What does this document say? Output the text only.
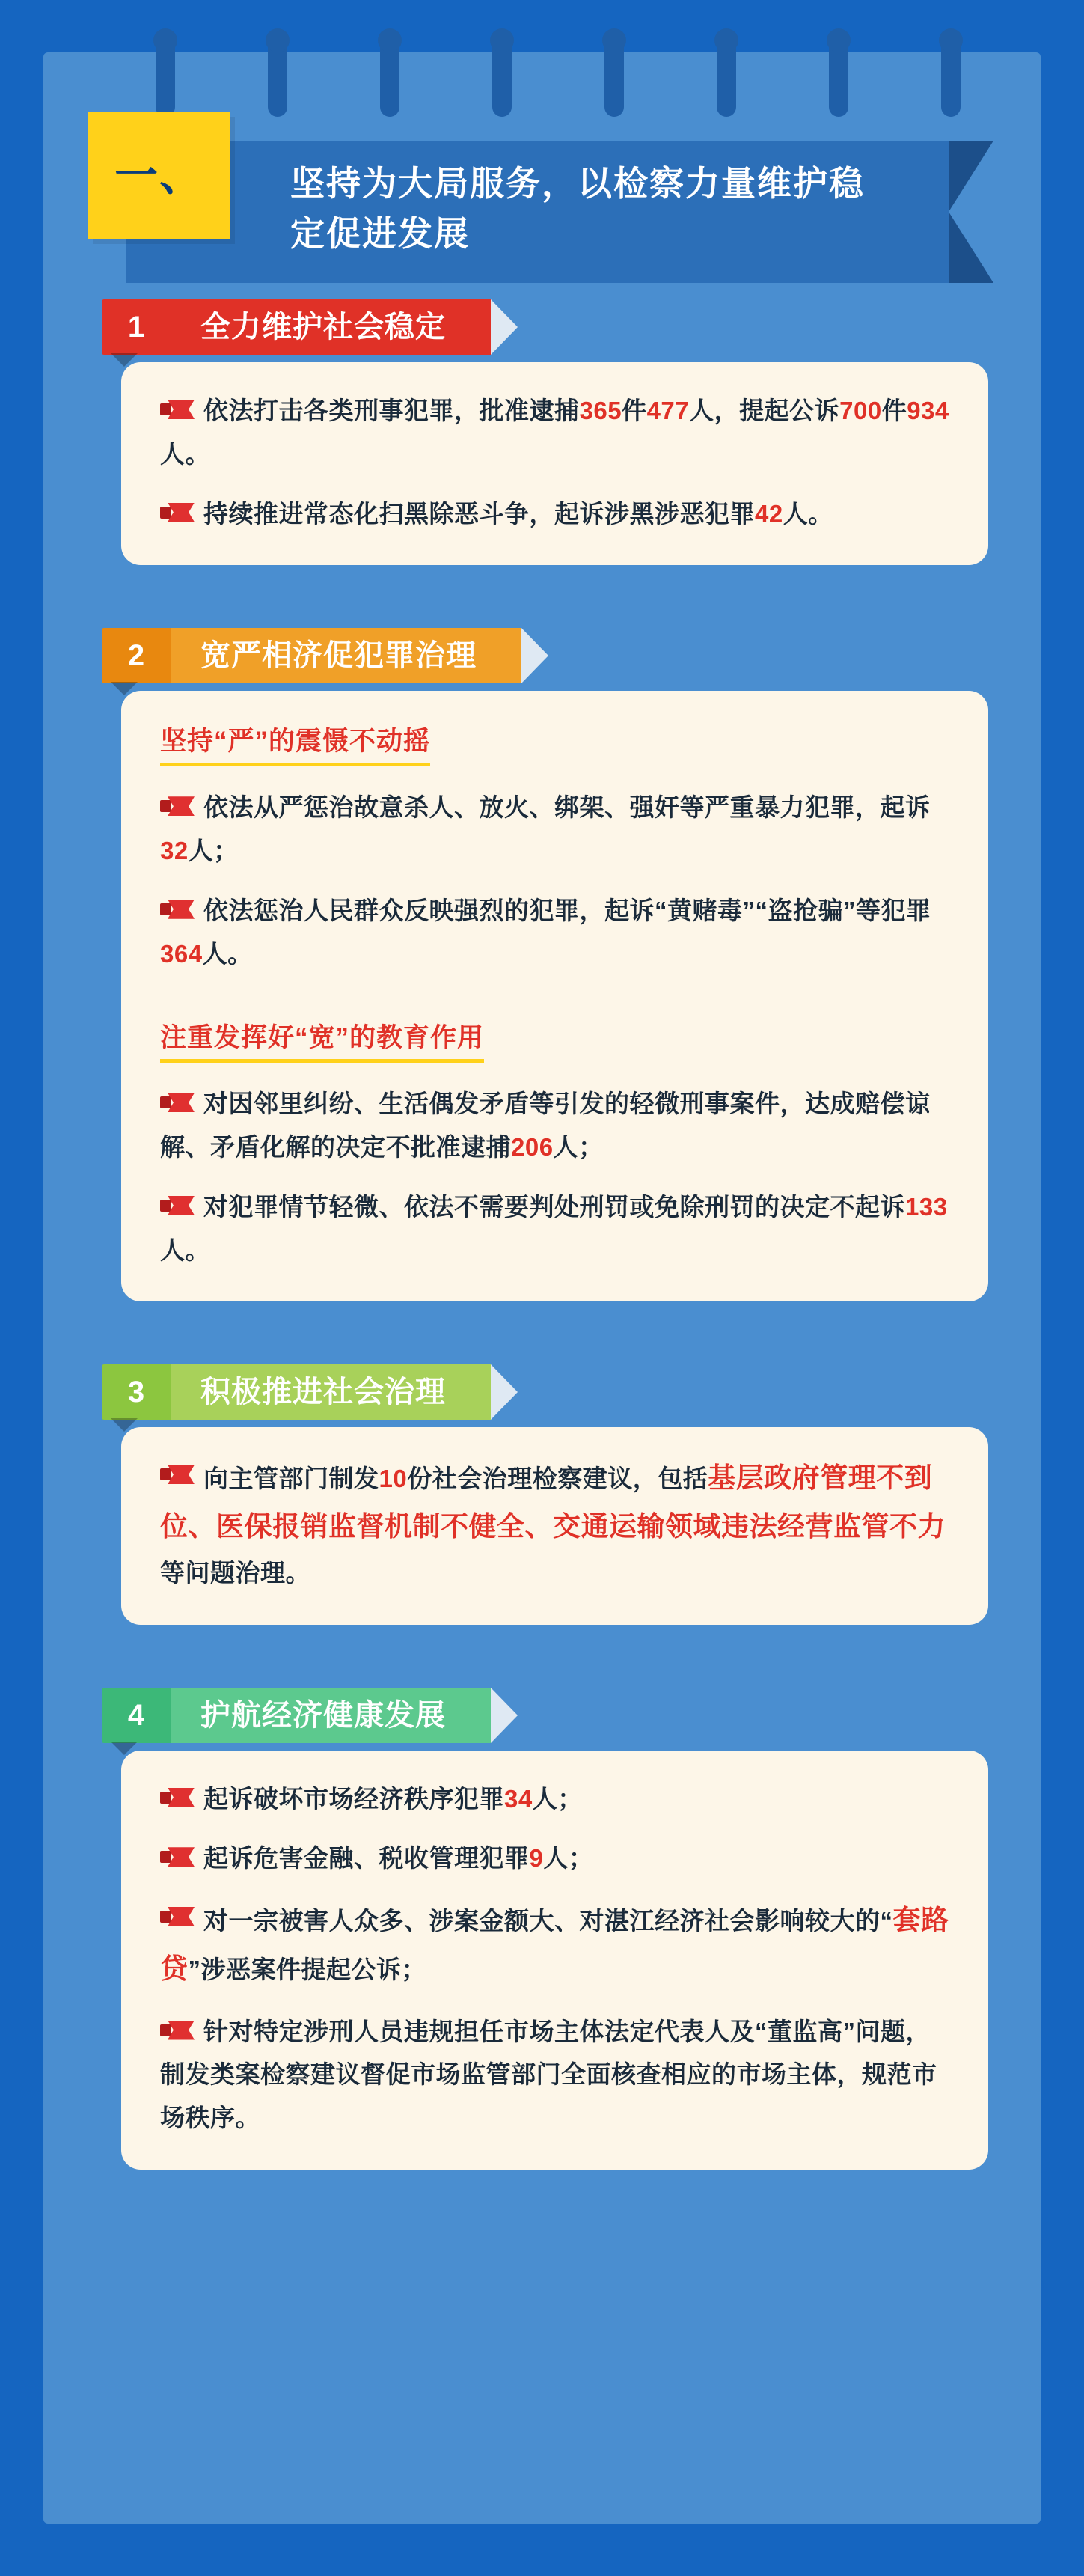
一、	坚持为大局服务，以检察力量维护稳定促进发展
1	全力维护社会稳定
依法打击各类刑事犯罪，批准逮捕365件477人，提起公诉700件934人。
持续推进常态化扫黑除恶斗争，起诉涉黑涉恶犯罪42人。
2	宽严相济促犯罪治理
坚持“严”的震慑不动摇
依法从严惩治故意杀人、放火、绑架、强奸等严重暴力犯罪，起诉32人；
依法惩治人民群众反映强烈的犯罪，起诉“黄赌毒”“盗抢骗”等犯罪364人。
注重发挥好“宽”的教育作用
对因邻里纠纷、生活偶发矛盾等引发的轻微刑事案件，达成赔偿谅解、矛盾化解的决定不批准逮捕206人；
对犯罪情节轻微、依法不需要判处刑罚或免除刑罚的决定不起诉133人。
3	积极推进社会治理
向主管部门制发10份社会治理检察建议，包括基层政府管理不到位、医保报销监督机制不健全、交通运输领域违法经营监管不力等问题治理。
4	护航经济健康发展
起诉破坏市场经济秩序犯罪34人；
起诉危害金融、税收管理犯罪9人；
对一宗被害人众多、涉案金额大、对湛江经济社会影响较大的“套路贷”涉恶案件提起公诉；
针对特定涉刑人员违规担任市场主体法定代表人及“董监高”问题，制发类案检察建议督促市场监管部门全面核查相应的市场主体，规范市场秩序。
